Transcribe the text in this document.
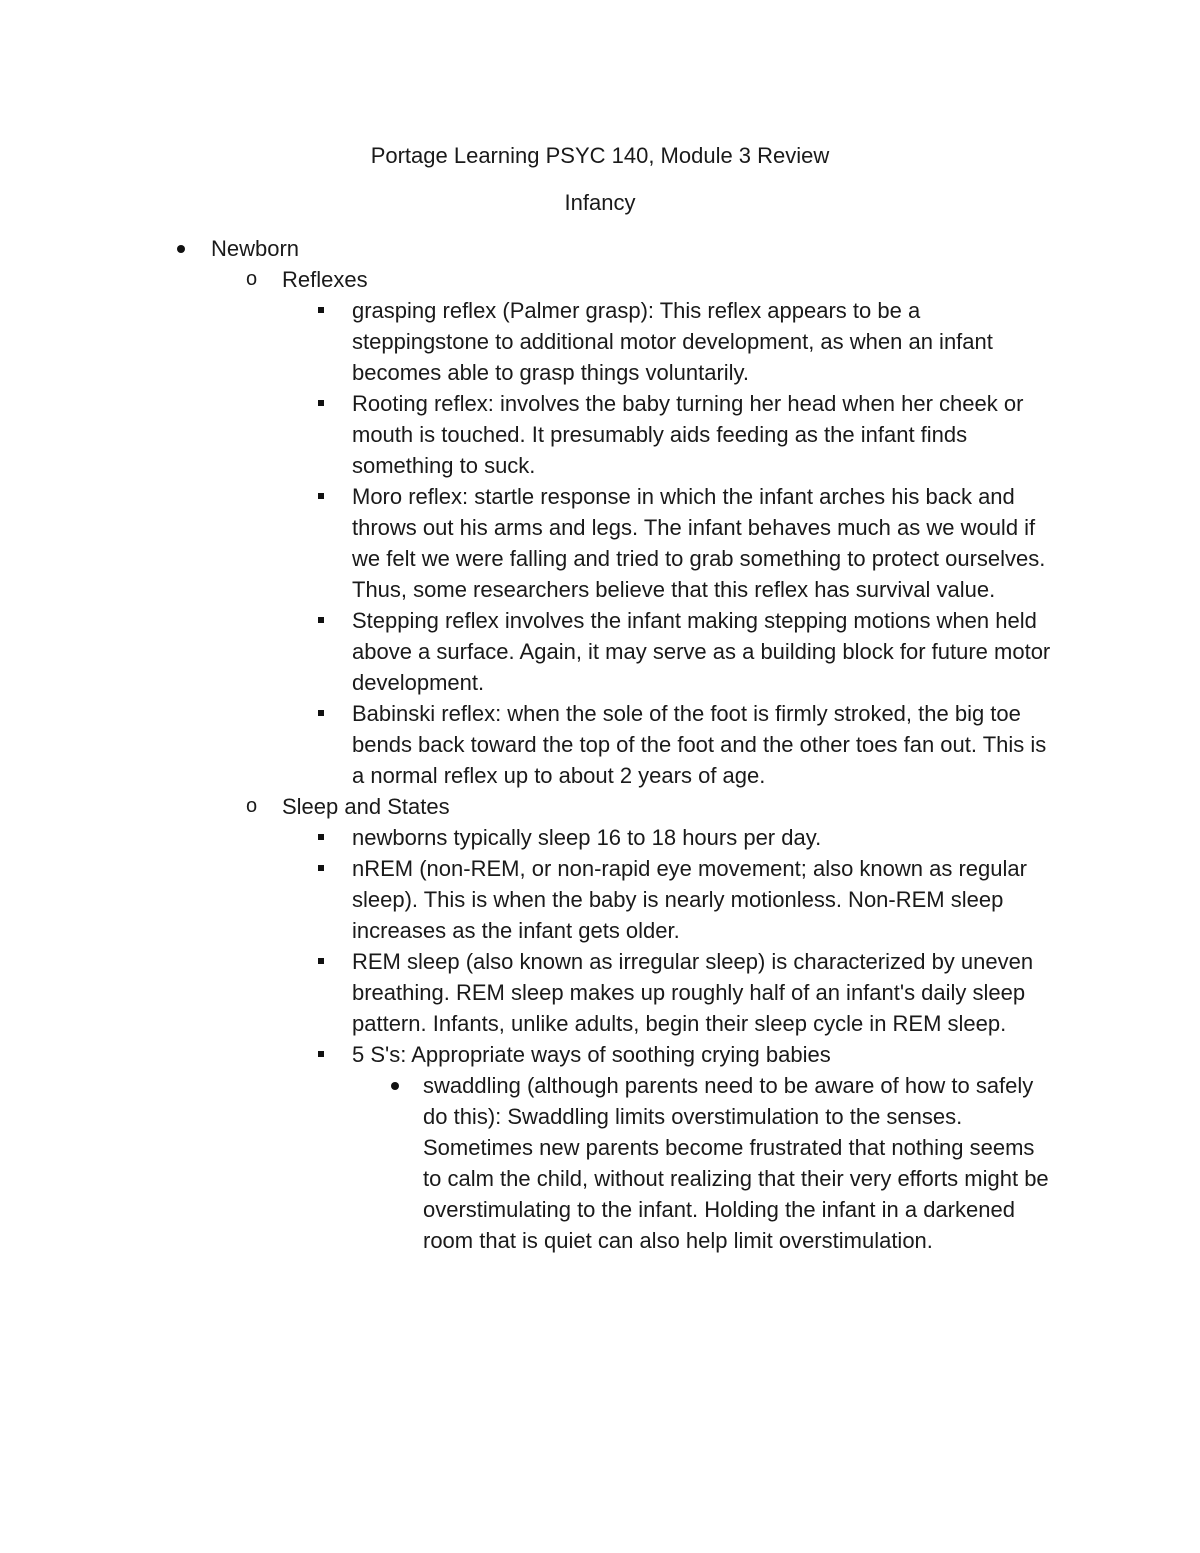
Portage Learning PSYC 140, Module 3 Review
Infancy
Newborn
o Reflexes
grasping reflex (Palmer grasp): This reflex appears to be a steppingstone to additional motor development, as when an infant becomes able to grasp things voluntarily.
Rooting reflex: involves the baby turning her head when her cheek or mouth is touched. It presumably aids feeding as the infant finds something to suck.
Moro reflex: startle response in which the infant arches his back and throws out his arms and legs. The infant behaves much as we would if we felt we were falling and tried to grab something to protect ourselves. Thus, some researchers believe that this reflex has survival value.
Stepping reflex involves the infant making stepping motions when held above a surface. Again, it may serve as a building block for future motor development.
Babinski reflex: when the sole of the foot is firmly stroked, the big toe bends back toward the top of the foot and the other toes fan out. This is a normal reflex up to about 2 years of age.
o Sleep and States
newborns typically sleep 16 to 18 hours per day.
nREM (non-REM, or non-rapid eye movement; also known as regular sleep). This is when the baby is nearly motionless. Non-REM sleep increases as the infant gets older.
REM sleep (also known as irregular sleep) is characterized by uneven breathing. REM sleep makes up roughly half of an infant's daily sleep pattern. Infants, unlike adults, begin their sleep cycle in REM sleep.
5 S's: Appropriate ways of soothing crying babies
swaddling (although parents need to be aware of how to safely do this): Swaddling limits overstimulation to the senses. Sometimes new parents become frustrated that nothing seems to calm the child, without realizing that their very efforts might be overstimulating to the infant. Holding the infant in a darkened room that is quiet can also help limit overstimulation.
